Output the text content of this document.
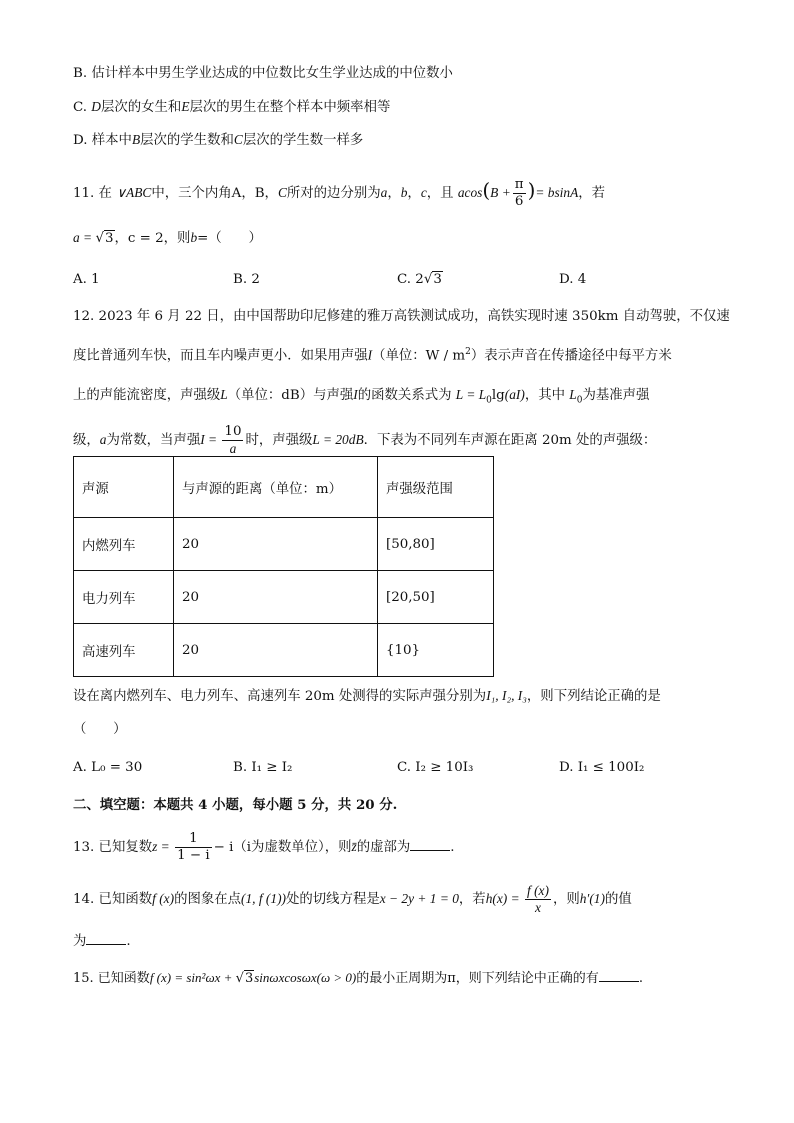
B. 估计样本中男生学业达成的中位数比女生学业达成的中位数小
C. D层次的女生和E层次的男生在整个样本中频率相等
D. 样本中B层次的学生数和C层次的学生数一样多
11. 在 ∨ABC中，三个内角A，B，C所对的边分别为a，b，c，且 $acos(B + \frac{\pi}{6}$ )= bsinA，若
a = √3，c = 2，则b=（　　）
A. 1	B. 2	C. 2√3	D. 4
12. 2023 年 6 月 22 日，由中国帮助印尼修建的雅万高铁测试成功，高铁实现时速 350km 自动驾驶，不仅速
度比普通列车快，而且车内噪声更小．如果用声强I（单位：W / $m^2$）表示声音在传播途径中每平方米
上的声能流密度，声强级L（单位：dB）与声强I的函数关系式为 $L = L_0\lg(aI)$，其中 $L_0$为基准声强
级，a为常数，当声强$I = \frac{10}{a}$ 时，声强级L = 20dB．下表为不同列车声源在距离 20m 处的声强级：
声源	与声源的距离（单位：m）	声强级范围
内燃列车	20	[50,80]
电力列车	20	[20,50]
高速列车	20	{10}
设在离内燃列车、电力列车、高速列车 20m 处测得的实际声强分别为I₁, I₂, I₃，则下列结论正确的是
（　　）
A. L₀ = 30	B. I₁ ≥ I₂	C. I₂ ≥ 10I₃	D. I₁ ≤ 100I₂
二、填空题：本题共 4 小题，每小题 5 分，共 20 分.
13. 已知复数$z = \frac{1}{1 - i} - i(i$为虚数单位），则z̄的虚部为	.
14. 已知函数f (x)的图象在点(1, f (1))处的切线方程是x − 2y + 1 = 0，若$h(x) = \frac{f (x)}{x}$ ，则h′(1)的值
为	.
15. 已知函数f (x) = sin²ωx + √3sinωxcosωx(ω > 0)的最小正周期为π，则下列结论中正确的有	.
